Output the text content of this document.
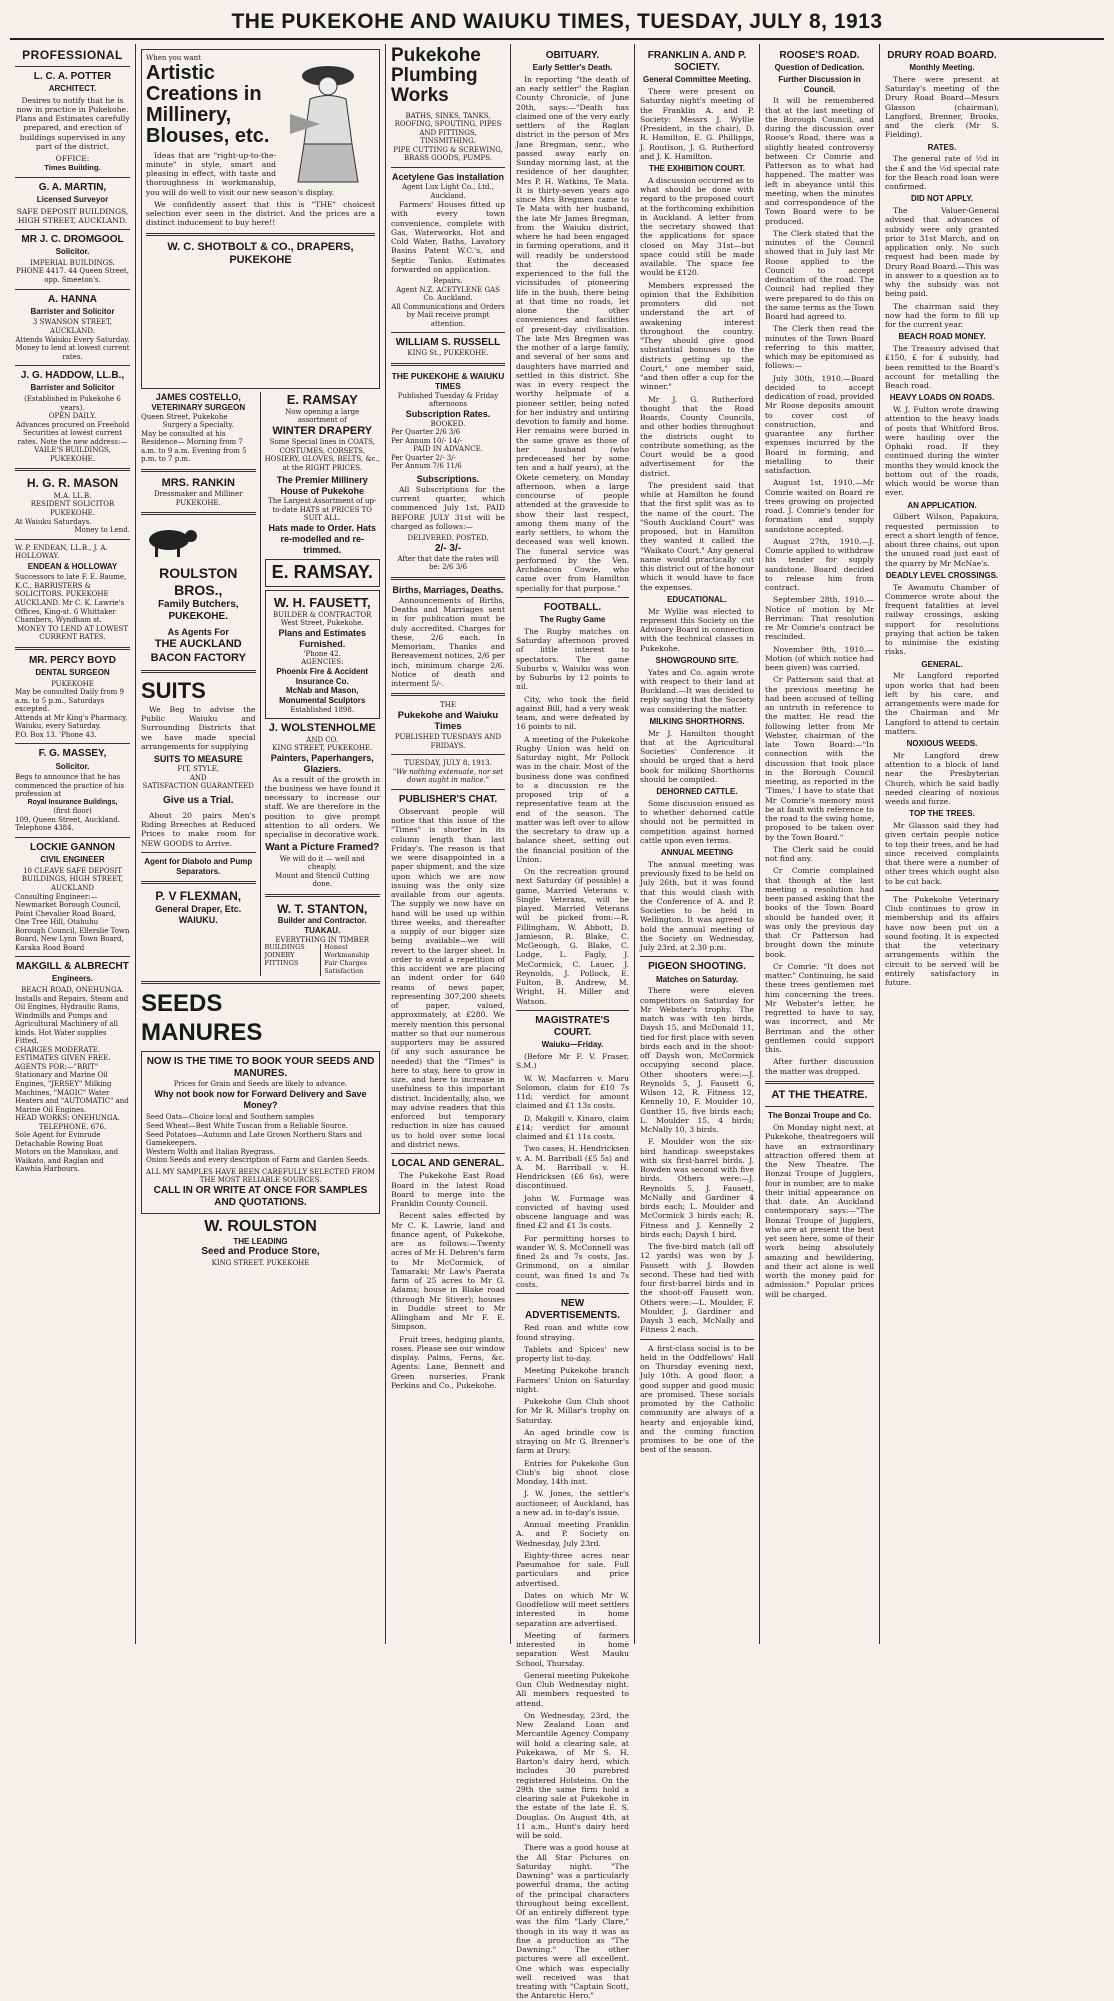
THE PUKEKOHE AND WAIUKU TIMES, TUESDAY, JULY 8, 1913
PROFESSIONAL
L. C. A. POTTER
ARCHITECT.

Desires to notify that he is now in practice in Pukekohe. Plans and Estimates carefully prepared, and erection of buildings supervised in any part of the district.

OFFICE:
Times Building.
G. A. MARTIN,
Licensed Surveyor
SAFE DEPOSIT BUILDINGS, HIGH STREET, AUCKLAND.
MR J. C. DROMGOOL
Solicitor.
IMPERIAL BUILDINGS. PHONE 4417. 44 Queen Street, opp. Smeeton's.
A. HANNA
Barrister and Solicitor
3 SWANSON STREET, AUCKLAND.
Attends Waiuku Every Saturday. Money to lend at lowest current rates.
J. G. HADDOW, LL.B.,
Barrister and Solicitor
(Established in Pukekohe 6 years).
OPEN DAILY.
Advances procured on Freehold Securities at lowest current rates. Note the new address:— VAILE'S BUILDINGS, PUKEKOHE.
H. G. R. MASON
M.A. LL.B.
RESIDENT SOLICITOR
PUKEKOHE.
At Waiuku Saturdays.
Money to Lend.
W. P. ENDEAN, LL.B., J. A. HOLLOWAY.
ENDEAN & HOLLOWAY
Successors to late F. E. Baume, K.C., BARRISTERS & SOLICITORS. PUKEKOHE AUCKLAND. Mr C. K. Lawrie's Offices, King-st. 6 Whittaker Chambers, Wyndham st.
MONEY TO LEND AT LOWEST CURRENT RATES.
MR. PERCY BOYD
DENTAL SURGEON
PUKEKOHE
May be consulted Daily from 9 a.m. to 5 p.m., Saturdays excepted.
Attends at Mr King's Pharmacy, Waiuku, every Saturday.
P.O. Box 13. 'Phone 43.
F. G. MASSEY,
Solicitor.
Begs to announce that he has commenced the practice of his profession at
Royal Insurance Buildings,
(first floor)
109, Queen Street, Auckland.
Telephone 4384.
LOCKIE GANNON
CIVIL ENGINEER
10 CLEAVE SAFE DEPOSIT BUILDINGS, HIGH STREET, AUCKLAND
Consulting Engineer:— Newmarket Borough Council, Point Chevalier Road Board, One Tree Hill, Otahuhu Borough Council, Ellerslie Town Board, New Lynn Town Board, Karaka Road Board
MAKGILL & ALBRECHT
Engineers.
BEACH ROAD, ONEHUNGA.
Installs and Repairs, Steam and Oil Engines, Hydraulic Rams, Windmills and Pumps and Agricultural Machinery of all kinds. Hot Water supplies Fitted.
CHARGES MODERATE. ESTIMATES GIVEN FREE.
AGENTS FOR:—"BRIT" Stationary and Marine Oil Engines, "JERSEY" Milking Machines, "MAGIC" Water Heaters and "AUTOMATIC" and Marine Oil Engines.
HEAD WORKS: ONEHUNGA.
TELEPHONE, 676.
Sole Agent for Evinrude Detachable Rowing Boat Motors on the Manukau, and Waikato, and Raglan and Kawhia Harbours.
When you want
Artistic Creations in Millinery, Blouses, etc.

Ideas that are "right-up-to-the-minute" in style, smart and pleasing in effect, with taste and thoroughness in workmanship, you will do well to visit our new season's display.

We confidently assert that this is "THE" choicest selection ever seen in the district. And the prices are a distinct inducement to buy here!!

W. C. SHOTBOLT & CO., DRAPERS, PUKEKOHE
JAMES COSTELLO,
VETERINARY SURGEON
Queen Street, Pukekohe
Surgery a Specialty.
May be consulted at his Residence— Morning from 7 a.m. to 9 a.m. Evening from 5 p.m. to 7 p.m.
MRS. RANKIN
Dressmaker and Milliner
PUKEKOHE.
ROULSTON BROS.,
Family Butchers,
PUKEKOHE.
As Agents For
THE AUCKLAND
BACON FACTORY
SUITS

We Beg to advise the Public Waiuku and Surrounding Districts that we have made special arrangements for supplying

SUITS TO MEASURE
FIT, STYLE,
AND
SATISFACTION GUARANTEED
Give us a Trial.

About 20 pairs Men's Riding Breeches at Reduced Prices to make room for NEW GOODS to Arrive.

Agent for Diabolo and Pump Separators.
P. V FLEXMAN,
General Draper, Etc.
WAIUKU.
E. RAMSAY
Now opening a large assortment of
WINTER DRAPERY
Some Special lines in COATS, COSTUMES, CORSETS, HOSIERY, GLOVES, BELTS, &c., at the RIGHT PRICES.
The Premier Millinery House of Pukekohe
The Largest Assortment of up-to-date HATS at PRICES TO SUIT ALL.
Hats made to Order. Hats re-modelled and re-trimmed.
E. RAMSAY.
W. H. FAUSETT,
BUILDER & CONTRACTOR
West Street, Pukekohe.
Plans and Estimates Furnished.
'Phone 42.
AGENCIES:
Phoenix Fire & Accident Insurance Co.
McNab and Mason, Monumental Sculptors
Established 1898.
J. WOLSTENHOLME
AND CO.
KING STREET, PUKEKOHE.
Painters, Paperhangers, Glaziers.

As a result of the growth in the business we have found it necessary to increase our staff. We are therefore in the position to give prompt attention to all orders. We specialise in decorative work.

Want a Picture Framed?
We will do it — well and cheaply.
Mount and Stencil Cutting done.
W. T. STANTON,
Builder and Contractor.
TUAKAU.
EVERYTHING IN TIMBER
BUILDINGS
JOINERY
FITTINGS
Honest Workmanship
Fair Charges
Satisfaction
SEEDS
MANURES
NOW IS THE TIME TO BOOK YOUR SEEDS AND MANURES.
Prices for Grain and Seeds are likely to advance.
Why not book now for Forward Delivery and Save Money?
Seed Oats—Choice local and Southern samples
Seed Wheat—Best White Tuscan from a Reliable Source.
Seed Potatoes—Autumn and Late Grown Northern Stars and Gamekeepers.
Western Wolth and Italian Ryegrass.
Onion Seeds and every description of Farm and Garden Seeds.
ALL MY SAMPLES HAVE BEEN CAREFULLY SELECTED FROM THE MOST RELIABLE SOURCES.
CALL IN OR WRITE AT ONCE FOR SAMPLES AND QUOTATIONS.
W. ROULSTON
THE LEADING
Seed and Produce Store,
KING STREET. PUKEKOHE
Pukekohe Plumbing Works
BATHS, SINKS, TANKS, ROOFING, SPOUTING, PIPES AND FITTINGS, TINSMITHING.
PIPE CUTTING & SCREWING, BRASS GOODS, PUMPS.
Acetylene Gas Installation
Agent Lux Light Co., Ltd., Auckland.

Farmers' Houses fitted up with every town convenience, complete with Gas, Waterworks, Hot and Cold Water, Baths, Lavatory Basins Patent W.C.'s, and Septic Tanks. Estimates forwarded on application.

Repairs.
Agent N.Z. ACETYLENE GAS Co. Auckland.
All Communications and Orders by Mail receive prompt attention.
WILLIAM S. RUSSELL
KING St., PUKEKOHE.
THE PUKEKOHE & WAIUKU TIMES
Published Tuesday & Friday afternoons
Subscription Rates.
BOOKED.
Per Quarter 2/6 3/6
Per Annum 10/- 14/-
PAID IN ADVANCE.
Per Quarter 2/- 3/-
Per Annum 7/6 11/6
Subscriptions.

All Subscriptions for the current quarter, which commenced July 1st, PAID BEFORE JULY 31st will be charged as follows:—

DELIVERED. POSTED.
2/- 3/-
After that date the rates will be: 2/6 3/6
Births, Marriages, Deaths.

Announcements of Births, Deaths and Marriages sent in for publication must be duly accredited. Charges for these, 2/6 each. In Memoriam, Thanks and Bereavement notices, 2/6 per inch, minimum charge 2/6. Notice of death and interment 5/-.

THE
Pukekohe and Waiuku Times
PUBLISHED TUESDAYS AND FRIDAYS.
TUESDAY, JULY 8, 1913.
"We nothing extenuate, nor set down aught in malice."
PUBLISHER'S CHAT.

Observant people will notice that this issue of the "Times" is shorter in its column length than last Friday's. The reason is that we were disappointed in a paper shipment, and the size upon which we are now issuing was the only size available from our agents. The supply we now have on hand will be used up within three weeks, and thereafter a supply of our bigger size being available—we will revert to the larger sheet. In order to avoid a repetition of this accident we are placing an indent order for 640 reams of news paper, representing 307,200 sheets of paper, valued, approximately, at £280. We merely mention this personal matter so that our numerous supporters may be assured (if any such assurance be needed) that the "Times" is here to stay, here to grow in size, and here to increase in usefulness to this important district. Incidentally, also, we may advise readers that this enforced but temporary reduction in size has caused us to hold over some local and district news.

LOCAL AND GENERAL.

The Pukekohe East Road Board in the latest Road Board to merge into the Franklin County Council.

Recent sales effected by Mr C. K. Lawrie, land and finance agent, of Pukekohe, are as follows:—Twenty acres of Mr H. Dehren's farm to Mr McCormick, of Tamaraki; Mr Law's Paerata farm of 25 acres to Mr G. Adams; house in Blake road (through Mr Stiver); houses in Duddle street to Mr Allingham and Mr F. E. Simpson.

Fruit trees, hedging plants, roses. Please see our window display. Palms, Ferns, &c. Agents: Lane, Bennett and Green nurseries. Frank Perkins and Co., Pukekohe.

OBITUARY.
Early Settler's Death.

In reporting "the death of an early settler" the Raglan County Chronicle, of June 20th, says:—"Death has claimed one of the very early settlers of the Raglan district in the person of Mrs Jane Bregman, senr., who passed away early on Sunday morning last, at the residence of her daughter, Mrs P. H. Watkins, Te Mata. It is thirty-seven years ago since Mrs Bregmen came to Te Mata with her husband, the late Mr James Bregman, from the Waiuku district, where he had been engaged in farming operations, and it will readily be understood that the deceased experienced to the full the vicissitudes of pioneering life in the bush, there being at that time no roads, let alone the other conveniences and facilities of present-day civilisation. The late Mrs Bregmen was the mother of a large family, and several of her sons and daughters have married and settled in this district. She was in every respect the worthy helpmate of a pioneer settler, being noted for her industry and untiring devotion to family and home. Her remains were buried in the same grave as those of her husband (who predeceased her by some ten and a half years), at the Okete cemetery, on Monday afternoon, when a large concourse of people attended at the graveside to show their last respect, among them many of the early settlers, to whom the deceased was well known. The funeral service was performed by the Ven. Archdeacon Cowie, who came over from Hamilton specially for that purpose."

FOOTBALL.
The Rugby Game

The Rugby matches on Saturday afternoon proved of little interest to spectators. The game Suburbs v. Waiuku was won by Suburbs by 12 points to nil.

City, who took the field against Bill, had a very weak team, and were defeated by 16 points to nil.

A meeting of the Pukekohe Rugby Union was held on Saturday night, Mr Pollock was in the chair. Most of the business done was confined to a discussion re the proposed trip of a representative team at the end of the season. The matter was left over to allow the secretary to draw up a balance sheet, setting out the financial position of the Union.

On the recreation ground next Saturday (if possible) a game, Married Veterans v. Single Veterans, will be played. Married Veterans will be picked from:—R. Fillingham, W. Abbott, D. Jamieson, R. Blake, C. McGeough, G. Blake, C. Lodge, L. Fagly, J. McCormick, C. Lauer, J. Reynolds, J. Pollock, E. Fulton, B. Andrew, M. Wright, H. Miller and Watson.

MAGISTRATE'S COURT.
Waiuku—Friday.

(Before Mr F. V. Fraser, S.M.)

W. W. Macfarren v. Maru Solomon, claim for £10 7s 11d; verdict for amount claimed and £1 13s costs.

D. Makgill v. Kinaro, claim £14; verdict for amount claimed and £1 11s costs.

Two cases, H. Hendricksen v. A. M. Barriball (£5 5s) and A. M. Barriball v. H. Hendricksen (£6 6s), were discontinued.

John W. Furmage was convicted of having used obscene language and was fined £2 and £1 3s costs.

For permitting horses to wander W. S. McConnell was fined 2s and 7s costs, Jas. Grimmond, on a similar count, was fined 1s and 7s costs.

NEW ADVERTISEMENTS.

Red roan and white cow found straying.

Tablets and Spices' new property list to-day.

Meeting Pukekohe branch Farmers' Union on Saturday night.

Pukekohe Gun Club shoot for Mr R. Millar's trophy on Saturday.

An aged brindle cow is straying on Mr G. Brenner's farm at Drury.

Entries for Pukekohe Gun Club's big shoot close Monday, 14th inst.

J. W. Jones, the settler's auctioneer, of Auckland, has a new ad. in to-day's issue.

Annual meeting Franklin A. and P. Society on Wednesday, July 23rd.

Eighty-three acres near Paeumahoe for sale. Full particulars and price advertised.

Dates on which Mr W. Goodfellow will meet settlers interested in home separation are advertised.

Meeting of farmers interested in home separation West Mauku School, Thursday.

General meeting Pukekohe Gun Club Wednesday night. All members requested to attend.

On Wednesday, 23rd, the New Zealand Loan and Mercantile Agency Company will hold a clearing sale, at Pukekawa, of Mr S. H. Barton's dairy herd, which includes 30 purebred registered Holsteins. On the 29th the same firm hold a clearing sale at Pukekohe in the estate of the late E. S. Douglas. On August 4th, at 11 a.m., Hunt's dairy herd will be sold.

There was a good house at the All Star Pictures on Saturday night. "The Dawning" was a particularly powerful drama, the acting of the principal characters throughout being excellent. Of an entirely different type was the film "Lady Clare," though in its way it was as fine a production as "The Dawning." The other pictures were all excellent. One which was especially well received was that treating with "Captain Scott, the Antarctic Hero."

FRANKLIN A. AND P. SOCIETY.
General Committee Meeting.

There were present on Saturday night's meeting of the Franklin A. and P. Society: Messrs J. Wyllie (President, in the chair), D. R. Hamilton, E. G. Phillipps, J. Routlson, J. G. Rutherford and J. K. Hamilton.

THE EXHIBITION COURT.

A discussion occurred as to what should be done with regard to the proposed court at the forthcoming exhibition in Auckland. A letter from the secretary showed that the applications for space closed on May 31st—but space could still be made available. The space fee would be £120.

Members expressed the opinion that the Exhibition promoters did not understand the art of awakening interest throughout the country. "They should give good substantial bonuses to the districts getting up the Court," one member said, "and then offer a cup for the winner."

Mr J. G. Rutherford thought that the Road Boards, County Councils, and other bodies throughout the districts ought to contribute something, as the Court would be a good advertisement for the district.

The president said that while at Hamilton he found that the first split was as to the name of the court. The "South Auckland Court" was proposed, but in Hamilton they wanted it called the "Waikato Court." Any general name would practically cut this district out of the honour which it would have to face the expenses.

EDUCATIONAL.

Mr Wyllie was elected to represent this Society on the Advisory Board in connection with the technical classes in Pukekohe.

SHOWGROUND SITE.

Yates and Co. again wrote with respect to their land at Buckland.—It was decided to reply saying that the Society was considering the matter.

MILKING SHORTHORNS.

Mr J. Hamilton thought that at the Agricultural Societies' Conference it should be urged that a herd book for milking Shorthorns should be compiled.

DEHORNED CATTLE.

Some discussion ensued as to whether dehorned cattle should not be permitted in competition against horned cattle upon even terms.

ANNUAL MEETING

The annual meeting was previously fixed to be held on July 26th, but it was found that this would clash with the Conference of A. and P. Societies to be held in Wellington. It was agreed to hold the annual meeting of the Society on Wednesday, July 23rd, at 2.30 p.m.

PIGEON SHOOTING.
Matches on Saturday.

There were eleven competitors on Saturday for Mr Webster's trophy. The match was with ten birds, Daysh 15, and McDonald 11, tied for first place with seven birds each and in the shoot-off Daysh won, McCormick occupying second place. Other shooters were:—J. Reynolds 5, J. Fausett 6, Wilson 12, R. Fitness 12, Kennelly 10, F. Moulder 10, Gunther 15, five birds each; L. Moulder 15, 4 birds; McNally 10, 3 birds.

F. Moulder won the six-bird handicap sweepstakes with six first-barrel birds. J. Bowden was second with five birds. Others were:—J. Reynolds 5, J. Fausett, McNally and Gardiner 4 birds each; L. Moulder and McCormick 3 birds each; R. Fitness and J. Kennelly 2 birds each; Daysh 1 bird.

The five-bird match (all off 12 yards) was won by J. Fausett with J. Bowden second. These had tied with four first-barrel birds and in the shoot-off Fausett won. Others were:—L. Moulder, F. Moulder, J. Gardiner and Daysh 3 each, McNally and Fitness 2 each.

A first-class social is to be held in the Oddfellows' Hall on Thursday evening next, July 10th. A good floor, a good supper and good music are promised. These socials promoted by the Catholic community are always of a hearty and enjoyable kind, and the coming function promises to be one of the best of the season.

ROOSE'S ROAD.
Question of Dedication.
Further Discussion in Council.

It will be remembered that at the last meeting of the Borough Council, and during the discussion over Roose's Road, there was a slightly heated controversy between Cr Comrie and Patterson as to what had happened. The matter was left in abeyance until this meeting, when the minutes and correspondence of the Town Board were to be produced.

The Clerk stated that the minutes of the Council showed that in July last Mr Roose applied to the Council to accept dedication of the road. The Council had replied they were prepared to do this on the same terms as the Town Board had agreed to.

The Clerk then read the minutes of the Town Board referring to this matter, which may be epitomised as follows:—

July 30th, 1910.—Board decided to accept dedication of road, provided Mr Roose deposits amount to cover cost of construction, and guarantee any further expenses incurred by the Board in forming, and metalling to their satisfaction.

August 1st, 1910.—Mr Comrie waited on Board re trees growing on projected road. J. Comrie's tender for formation and supply sandstone accepted.

August 27th, 1910.—J. Comrie applied to withdraw his tender for supply sandstone. Board decided to release him from contract.

September 28th, 1910.—Notice of motion by Mr Berriman: That resolution re Mr Comrie's contract be rescinded.

November 9th, 1910.—Motion (of which notice had been given) was carried.

Cr Patterson said that at the previous meeting he had been accused of telling an untruth in reference to the matter. He read the following letter from Mr Webster, chairman of the late Town Board:—"In connection with the discussion that took place in the Borough Council meeting, as reported in the 'Times,' I have to state that Mr Comrie's memory must be at fault with reference to the road to the swing home, proposed to be taken over by the Town Board."

The Clerk said he could not find any.

Cr Comrie complained that though at the last meeting a resolution had been passed asking that the books of the Town Board should be handed over, it was only the previous day that Cr Patterson had brought down the minute book.

Cr Comrie: "It does not matter." Continuing, he said these trees gentlemen met him concerning the trees. Mr Webster's letter, he regretted to have to say, was incorrect, and Mr Berriman and the other gentlemen could support this.

After further discussion the matter was dropped.

AT THE THEATRE.
The Bonzai Troupe and Co.

On Monday night next, at Pukekohe, theatregoers will have an extraordinary attraction offered them at the New Theatre. The Bonzai Troupe of Jugglers, four in number, are to make their initial appearance on that date. An Auckland contemporary says:—"The Bonzai Troupe of Jugglers, who are at present the best yet seen here, some of their work being absolutely amazing and bewildering, and their act alone is well worth the money paid for admission." Popular prices will be charged.

DRURY ROAD BOARD.
Monthly Meeting.

There were present at Saturday's meeting of the Drury Road Board—Messrs Glasson (chairman), Langford, Brenner, Brooks, and the clerk (Mr S. Fielding).

RATES.

The general rate of ½d in the £ and the ½d special rate for the Beach road loan were confirmed.

DID NOT APPLY.

The Valuer-General advised that advances of subsidy were only granted prior to 31st March, and on application only. No such request had been made by Drury Road Board.—This was in answer to a question as to why the subsidy was not being paid.

The chairman said they now had the form to fill up for the current year.

BEACH ROAD MONEY.

The Treasury advised that £150, £ for £ subsidy, had been remitted to the Board's account for metalling the Beach road.

HEAVY LOADS ON ROADS.

W. J. Fulton wrote drawing attention to the heavy loads of posts that Whitford Bros. were hauling over the Ophaki road. If they continued during the winter months they would knock the bottom out of the roads, which would be worse than ever.

AN APPLICATION.

Gilbert Wilson, Papakura, requested permission to erect a short length of fence, about three chains, out upon the unused road just east of the quarry by Mr McNae's.

DEADLY LEVEL CROSSINGS.

Te Awamutu Chamber of Commerce wrote about the frequent fatalities at level railway crossings, asking support for resolutions praying that action be taken to minimise the existing risks.

GENERAL.

Mr Langford reported upon works that had been left by his care, and arrangements were made for the Chairman and Mr Langford to attend to certain matters.

NOXIOUS WEEDS.

Mr Langford drew attention to a block of land near the Presbyterian Church, which he said badly needed clearing of noxious weeds and furze.

TOP THE TREES.

Mr Glasson said they had given certain people notice to top their trees, and he had since received complaints that there were a number of other trees which ought also to be cut back.

The Pukekohe Veterinary Club continues to grow in membership and its affairs have now been put on a sound footing. It is expected that the veterinary arrangements within the circuit to be served will be entirely satisfactory in future.
